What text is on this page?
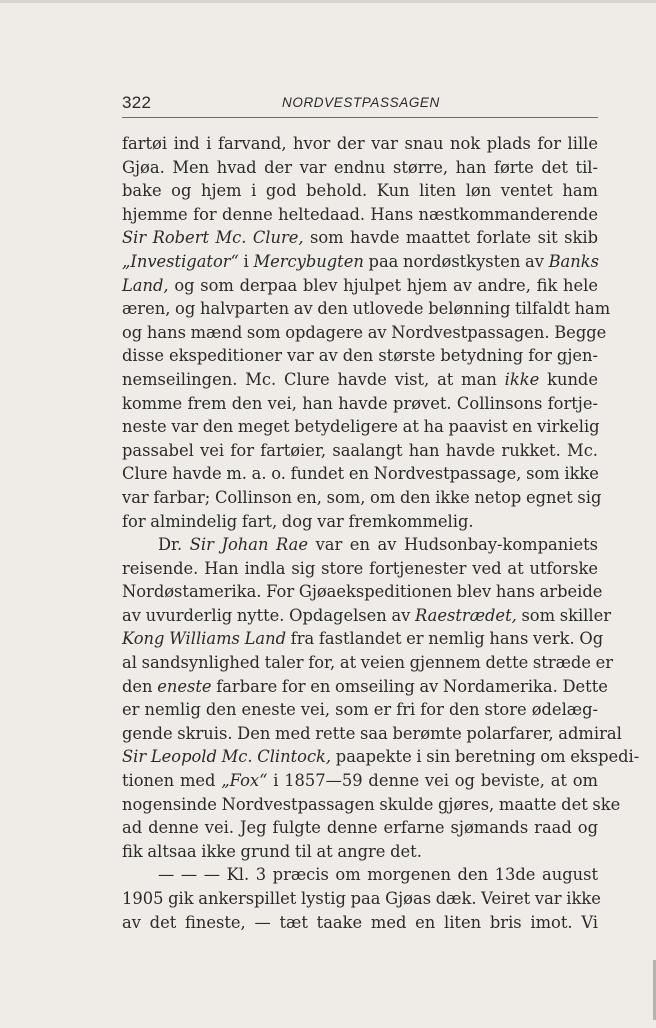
322	NORDVESTPASSAGEN
fartøi ind i farvand, hvor der var snau nok plads for lille
Gjøa. Men hvad der var endnu større, han førte det til-
bake og hjem i god behold. Kun liten løn ventet ham
hjemme for denne heltedaad. Hans næstkommanderende
Sir Robert Mc. Clure, som havde maattet forlate sit skib
„Investigator“ i Mercybugten paa nordøstkysten av Banks
Land, og som derpaa blev hjulpet hjem av andre, fik hele
æren, og halvparten av den utlovede belønning tilfaldt ham
og hans mænd som opdagere av Nordvestpassagen. Begge
disse ekspeditioner var av den største betydning for gjen-
nemseilingen. Mc. Clure havde vist, at man ikke kunde
komme frem den vei, han havde prøvet. Collinsons fortje-
neste var den meget betydeligere at ha paavist en virkelig
passabel vei for fartøier, saalangt han havde rukket. Mc.
Clure havde m. a. o. fundet en Nordvestpassage, som ikke
var farbar; Collinson en, som, om den ikke netop egnet sig
for almindelig fart, dog var fremkommelig.
Dr. Sir Johan Rae var en av Hudsonbay-kompaniets
reisende. Han indla sig store fortjenester ved at utforske
Nordøstamerika. For Gjøaekspeditionen blev hans arbeide
av uvurderlig nytte. Opdagelsen av Raestrædet, som skiller
Kong Williams Land fra fastlandet er nemlig hans verk. Og
al sandsynlighed taler for, at veien gjennem dette stræde er
den eneste farbare for en omseiling av Nordamerika. Dette
er nemlig den eneste vei, som er fri for den store ødelæg-
gende skruis. Den med rette saa berømte polarfarer, admiral
Sir Leopold Mc. Clintock, paapekte i sin beretning om ekspedi-
tionen med „Fox“ i 1857—59 denne vei og beviste, at om
nogensinde Nordvestpassagen skulde gjøres, maatte det ske
ad denne vei. Jeg fulgte denne erfarne sjømands raad og
fik altsaa ikke grund til at angre det.
— — — Kl. 3 præcis om morgenen den 13de august
1905 gik ankerspillet lystig paa Gjøas dæk. Veiret var ikke
av det fineste, — tæt taake med en liten bris imot. Vi
